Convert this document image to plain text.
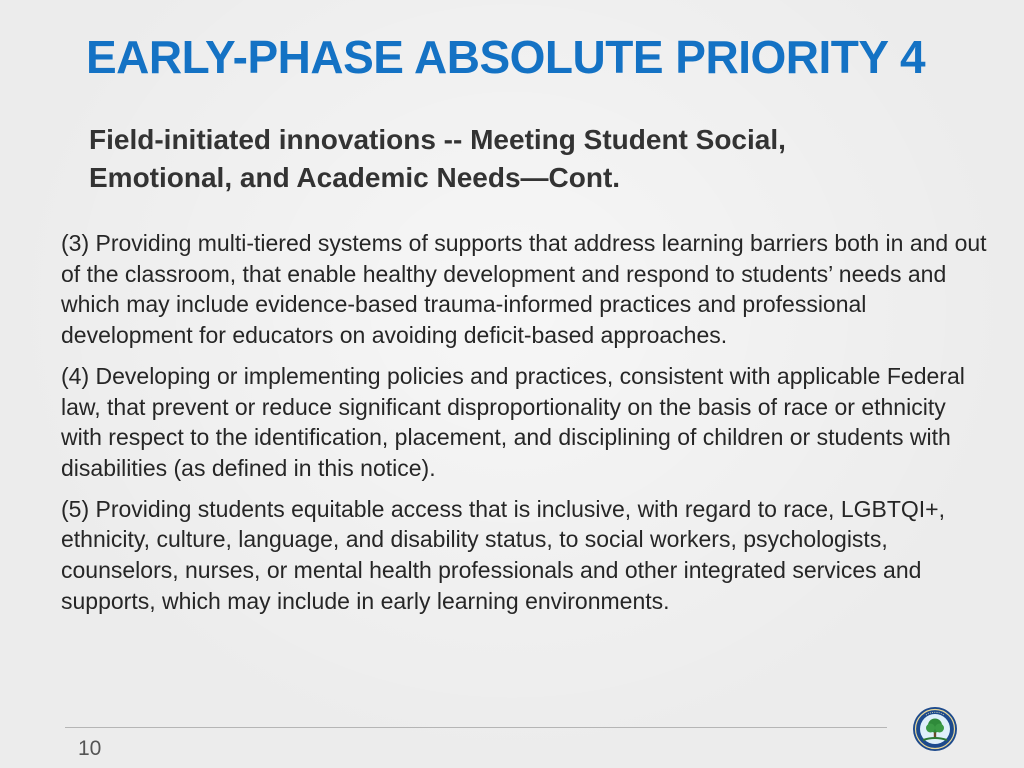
EARLY-PHASE ABSOLUTE PRIORITY 4
Field-initiated innovations -- Meeting Student Social, Emotional, and Academic Needs—Cont.

(3) Providing multi-tiered systems of supports that address learning barriers both in and out of the classroom, that enable healthy development and respond to students’ needs and which may include evidence-based trauma-informed practices and professional development for educators on avoiding deficit-based approaches.

(4) Developing or implementing policies and practices, consistent with applicable Federal law, that prevent or reduce significant disproportionality on the basis of race or ethnicity with respect to the identification, placement, and disciplining of children or students with disabilities (as defined in this notice).

(5) Providing students equitable access that is inclusive, with regard to race, LGBTQI+, ethnicity, culture, language, and disability status, to social workers, psychologists, counselors, nurses, or mental health professionals and other integrated services and supports, which may include in early learning environments.

10
